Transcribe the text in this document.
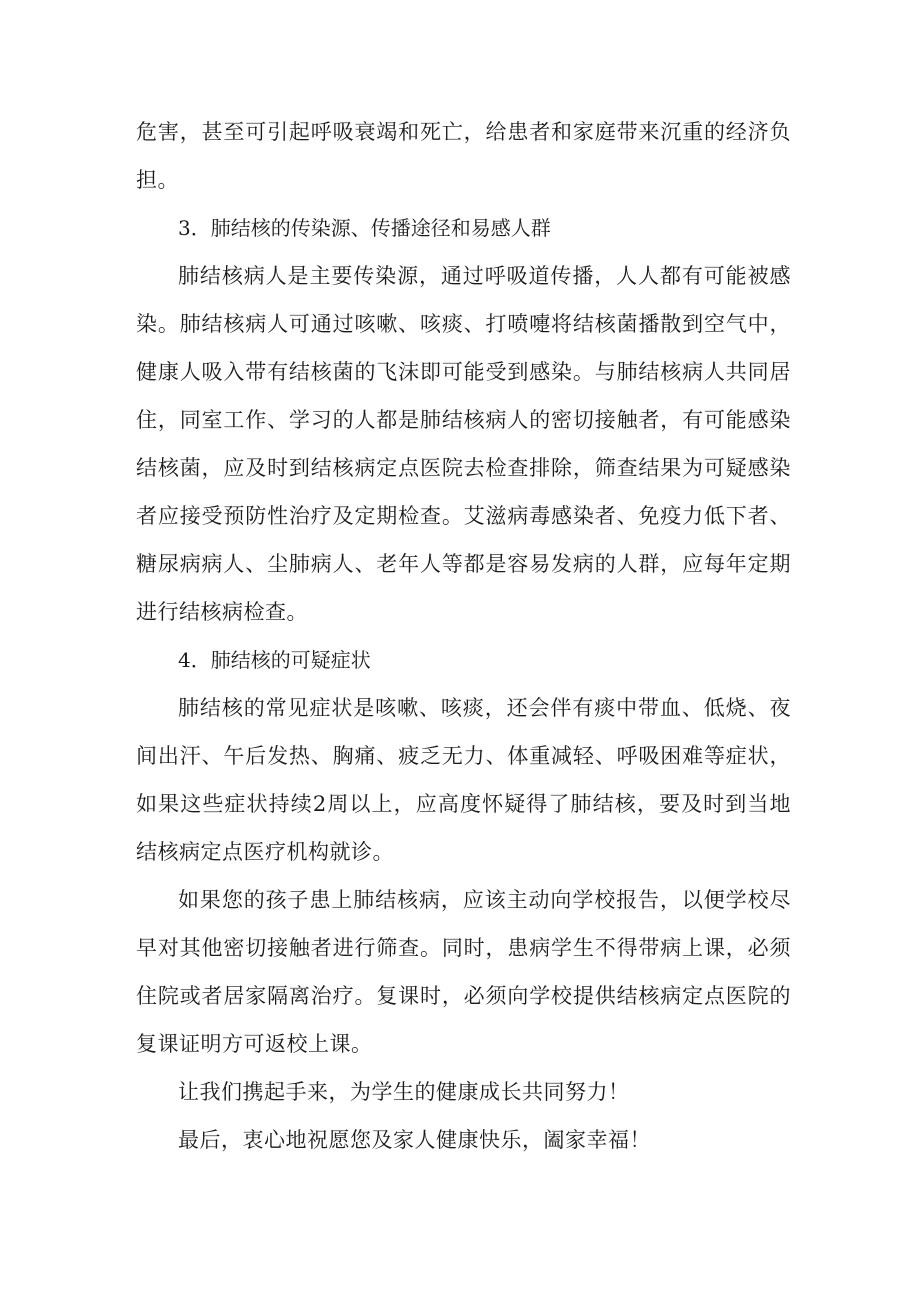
危害，甚至可引起呼吸衰竭和死亡，给患者和家庭带来沉重的经济负担。

3．肺结核的传染源、传播途径和易感人群

肺结核病人是主要传染源，通过呼吸道传播，人人都有可能被感染。肺结核病人可通过咳嗽、咳痰、打喷嚏将结核菌播散到空气中，健康人吸入带有结核菌的飞沫即可能受到感染。与肺结核病人共同居住，同室工作、学习的人都是肺结核病人的密切接触者，有可能感染结核菌，应及时到结核病定点医院去检查排除，筛查结果为可疑感染者应接受预防性治疗及定期检查。艾滋病毒感染者、免疫力低下者、糖尿病病人、尘肺病人、老年人等都是容易发病的人群，应每年定期进行结核病检查。

4．肺结核的可疑症状

肺结核的常见症状是咳嗽、咳痰，还会伴有痰中带血、低烧、夜间出汗、午后发热、胸痛、疲乏无力、体重减轻、呼吸困难等症状，如果这些症状持续2周以上，应高度怀疑得了肺结核，要及时到当地结核病定点医疗机构就诊。

如果您的孩子患上肺结核病，应该主动向学校报告，以便学校尽早对其他密切接触者进行筛查。同时，患病学生不得带病上课，必须住院或者居家隔离治疗。复课时，必须向学校提供结核病定点医院的复课证明方可返校上课。

让我们携起手来，为学生的健康成长共同努力！

最后，衷心地祝愿您及家人健康快乐，阖家幸福！
